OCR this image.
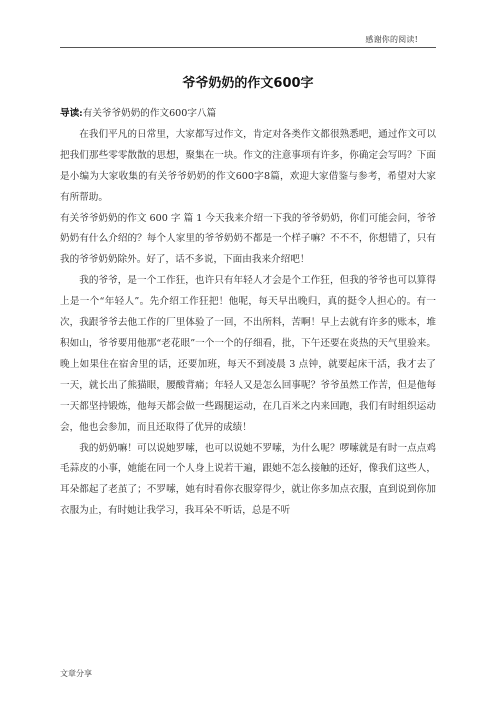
感谢你的阅读!
爷爷奶奶的作文600字

导读:有关爷爷奶奶的作文600字八篇

在我们平凡的日常里，大家都写过作文，肯定对各类作文都很熟悉吧，通过作文可以把我们那些零零散散的思想，聚集在一块。作文的注意事项有许多，你确定会写吗？下面是小编为大家收集的有关爷爷奶奶的作文600字8篇，欢迎大家借鉴与参考，希望对大家有所帮助。

有关爷爷奶奶的作文 600 字 篇 1 今天我来介绍一下我的爷爷奶奶，你们可能会问，爷爷奶奶有什么介绍的？每个人家里的爷爷奶奶不都是一个样子嘛？不不不，你想错了，只有我的爷爷奶奶除外。好了，话不多说，下面由我来介绍吧！

我的爷爷，是一个工作狂，也许只有年轻人才会是个工作狂，但我的爷爷也可以算得上是一个“年轻人”。先介绍工作狂把！他呢，每天早出晚归，真的挺令人担心的。有一次，我跟爷爷去他工作的厂里体验了一回，不出所料，苦啊！早上去就有许多的账本，堆积如山，爷爷要用他那“老花眼”一个一个的仔细看，批，下午还要在炎热的天气里验来。晚上如果住在宿舍里的话，还要加班，每天不到凌晨 3 点钟，就要起床干活，我才去了一天，就长出了熊猫眼，腰酸背痛；年轻人又是怎么回事呢？爷爷虽然工作苦，但是他每一天都坚持锻炼，他每天都会做一些踢腿运动，在几百米之内来回跑，我们有时组织运动会，他也会参加，而且还取得了优异的成绩！

我的奶奶嘛！可以说她罗嗦，也可以说她不罗嗦，为什么呢？啰嗦就是有时一点点鸡毛蒜皮的小事，她能在同一个人身上说若干遍，跟她不怎么接触的还好，像我们这些人，耳朵都起了老茧了；不罗嗦，她有时看你衣服穿得少，就让你多加点衣服，直到说到你加衣服为止，有时她让我学习，我耳朵不听话，总是不听

文章分享
